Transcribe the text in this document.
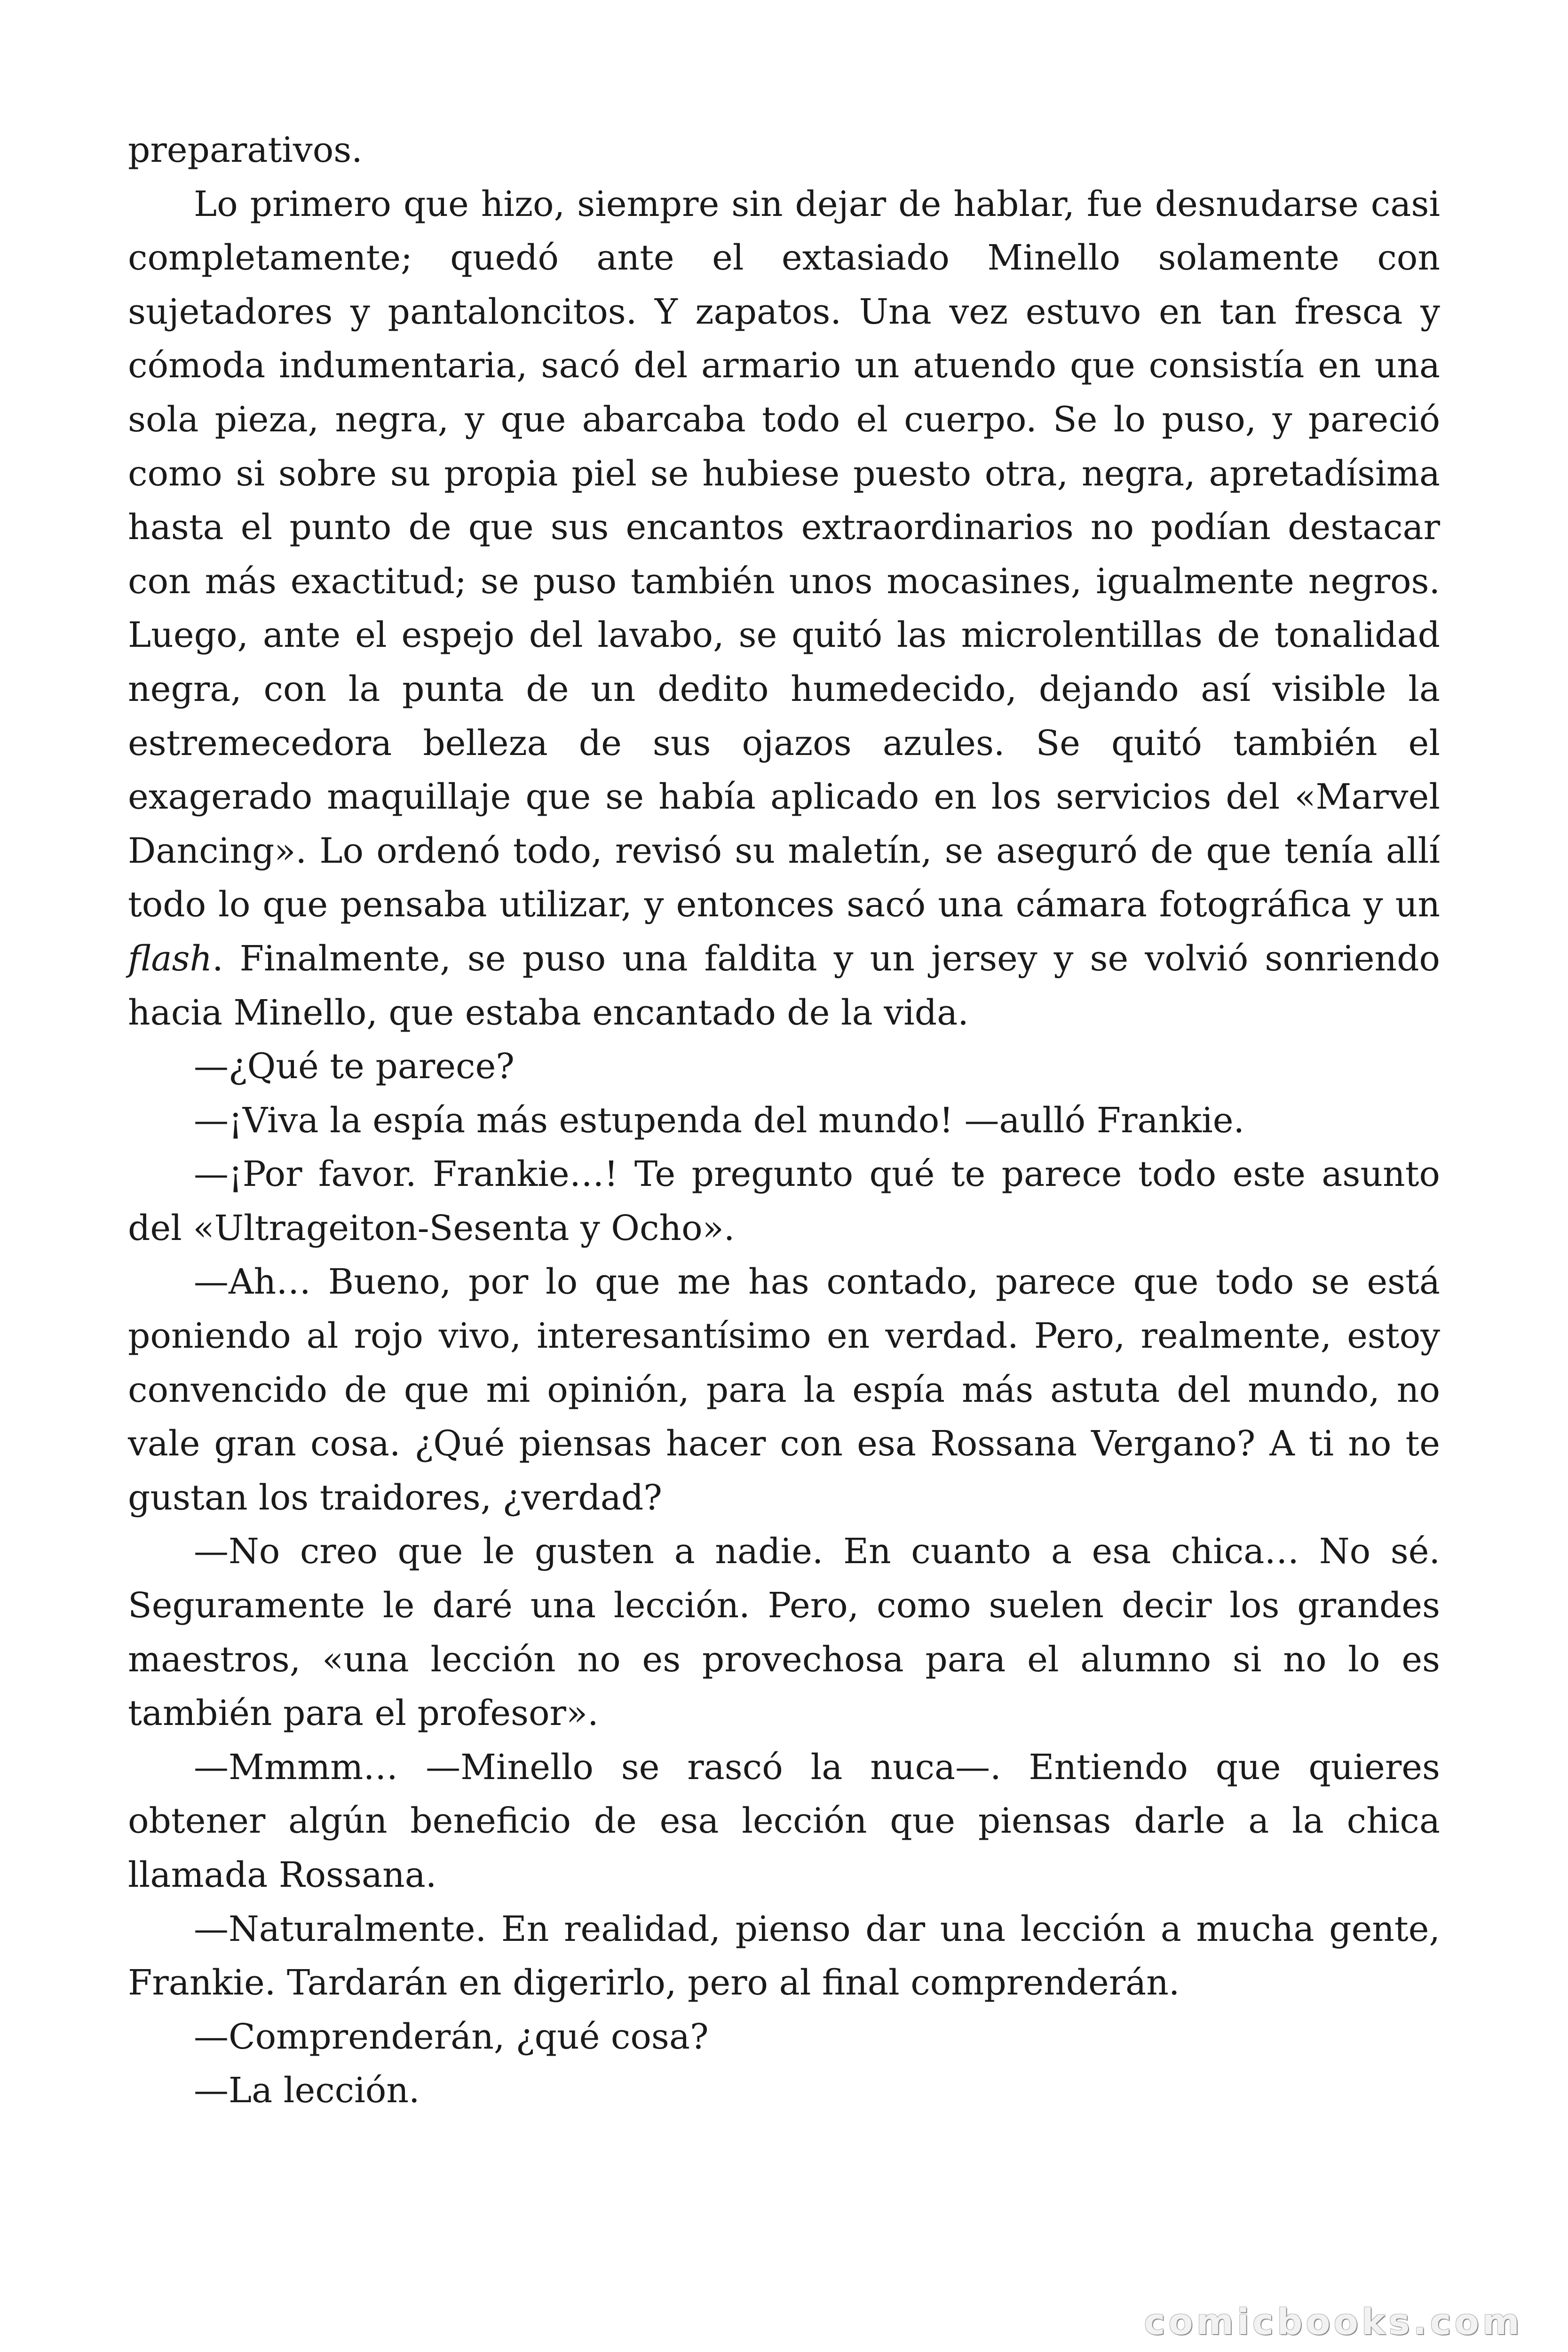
preparativos.

Lo primero que hizo, siempre sin dejar de hablar, fue desnudarse casi completamente; quedó ante el extasiado Minello solamente con sujetadores y pantaloncitos. Y zapatos. Una vez estuvo en tan fresca y cómoda indumentaria, sacó del armario un atuendo que consistía en una sola pieza, negra, y que abarcaba todo el cuerpo. Se lo puso, y pareció como si sobre su propia piel se hubiese puesto otra, negra, apretadísima hasta el punto de que sus encantos extraordinarios no podían destacar con más exactitud; se puso también unos mocasines, igualmente negros. Luego, ante el espejo del lavabo, se quitó las microlentillas de tonalidad negra, con la punta de un dedito humedecido, dejando así visible la estremecedora belleza de sus ojazos azules. Se quitó también el exagerado maquillaje que se había aplicado en los servicios del «Marvel Dancing». Lo ordenó todo, revisó su maletín, se aseguró de que tenía allí todo lo que pensaba utilizar, y entonces sacó una cámara fotográfica y un flash. Finalmente, se puso una faldita y un jersey y se volvió sonriendo hacia Minello, que estaba encantado de la vida.

—¿Qué te parece?

—¡Viva la espía más estupenda del mundo! —aulló Frankie.

—¡Por favor. Frankie…! Te pregunto qué te parece todo este asunto del «Ultrageiton-Sesenta y Ocho».

—Ah… Bueno, por lo que me has contado, parece que todo se está poniendo al rojo vivo, interesantísimo en verdad. Pero, realmente, estoy convencido de que mi opinión, para la espía más astuta del mundo, no vale gran cosa. ¿Qué piensas hacer con esa Rossana Vergano? A ti no te gustan los traidores, ¿verdad?

—No creo que le gusten a nadie. En cuanto a esa chica… No sé. Seguramente le daré una lección. Pero, como suelen decir los grandes maestros, «una lección no es provechosa para el alumno si no lo es también para el profesor».

—Mmmm… —Minello se rascó la nuca—. Entiendo que quieres obtener algún beneficio de esa lección que piensas darle a la chica llamada Rossana.

—Naturalmente. En realidad, pienso dar una lección a mucha gente, Frankie. Tardarán en digerirlo, pero al final comprenderán.

—Comprenderán, ¿qué cosa?

—La lección.

comicbooks.com
